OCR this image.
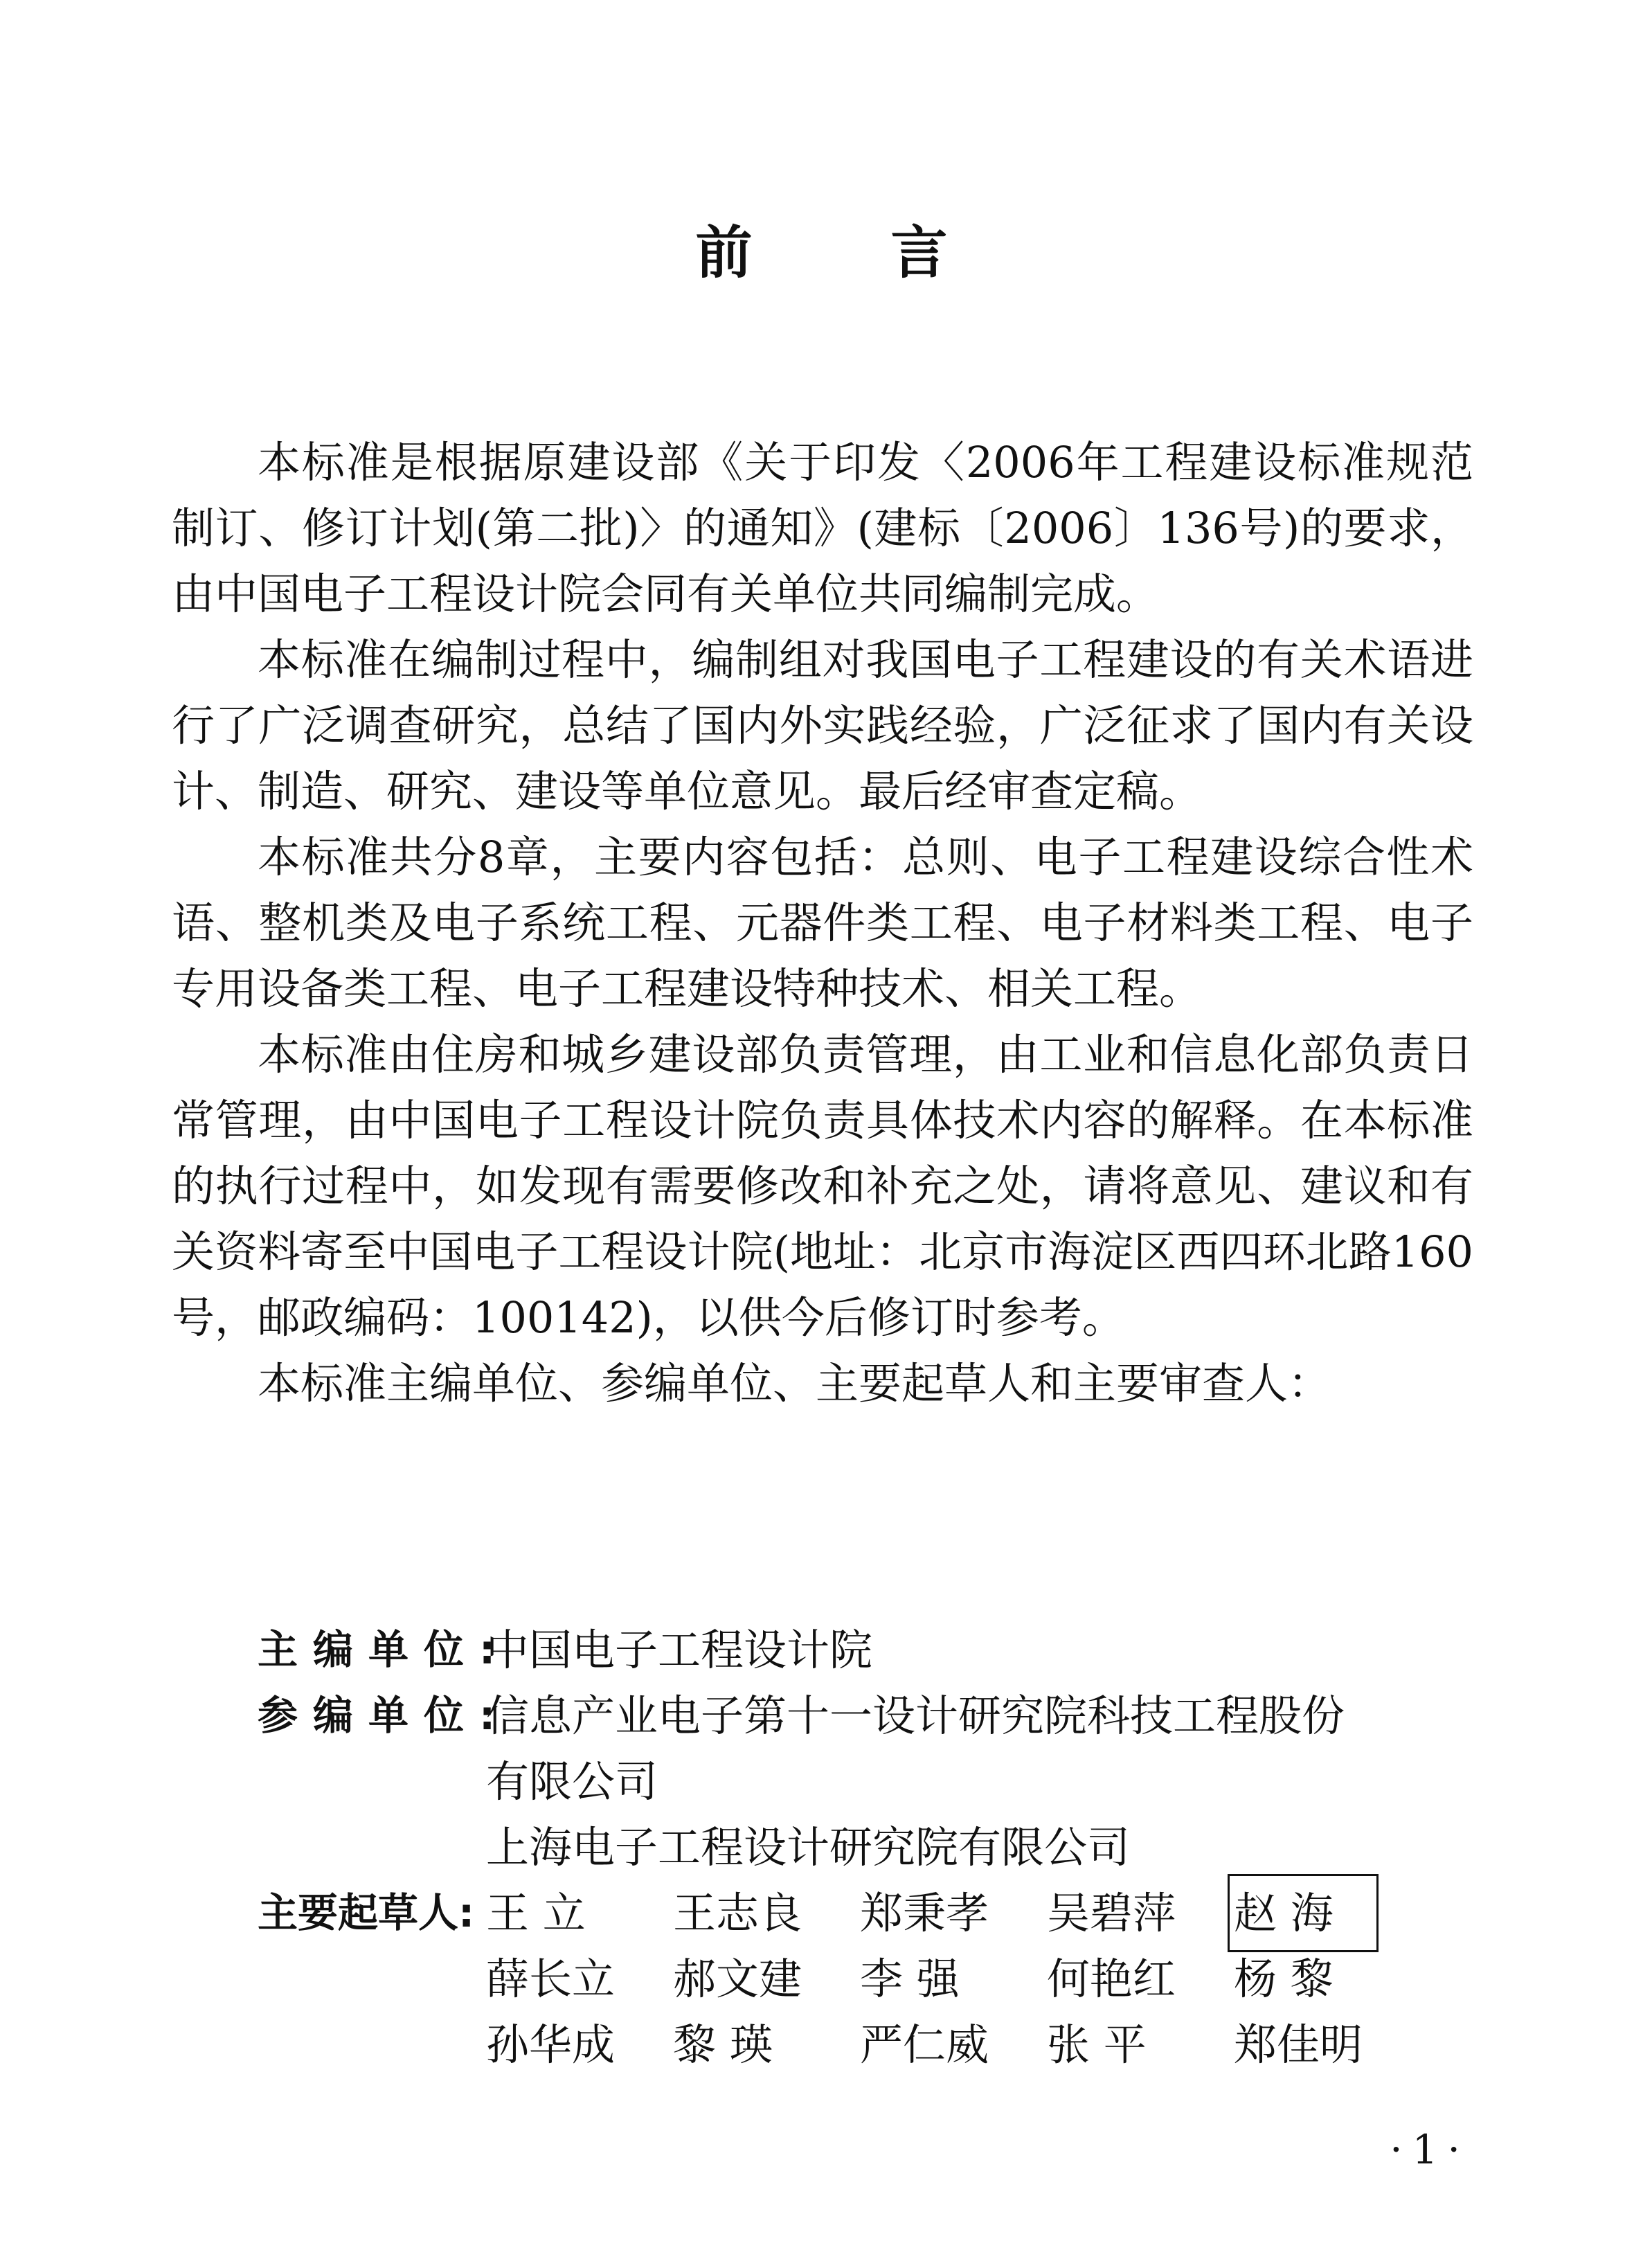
前言

本标准是根据原建设部《关于印发〈2006年工程建设标准规范制订、修订计划(第二批)〉的通知》(建标〔2006〕136号)的要求，由中国电子工程设计院会同有关单位共同编制完成。

本标准在编制过程中，编制组对我国电子工程建设的有关术语进行了广泛调查研究，总结了国内外实践经验，广泛征求了国内有关设计、制造、研究、建设等单位意见。最后经审查定稿。

本标准共分8章，主要内容包括：总则、电子工程建设综合性术语、整机类及电子系统工程、元器件类工程、电子材料类工程、电子专用设备类工程、电子工程建设特种技术、相关工程。

本标准由住房和城乡建设部负责管理，由工业和信息化部负责日常管理，由中国电子工程设计院负责具体技术内容的解释。在本标准的执行过程中，如发现有需要修改和补充之处，请将意见、建议和有关资料寄至中国电子工程设计院(地址：北京市海淀区西四环北路160号，邮政编码：100142)，以供今后修订时参考。

本标准主编单位、参编单位、主要起草人和主要审查人：

主编单位:
中国电子工程设计院
参编单位:
信息产业电子第十一设计研究院科技工程股份
有限公司
上海电子工程设计研究院有限公司
主要起草人: 王 立	王志良	郑秉孝	吴碧萍	赵 海
薛长立	郝文建	李 强	何艳红	杨 黎
孙华成	黎 瑛	严仁威	张 平	郑佳明
·1·
